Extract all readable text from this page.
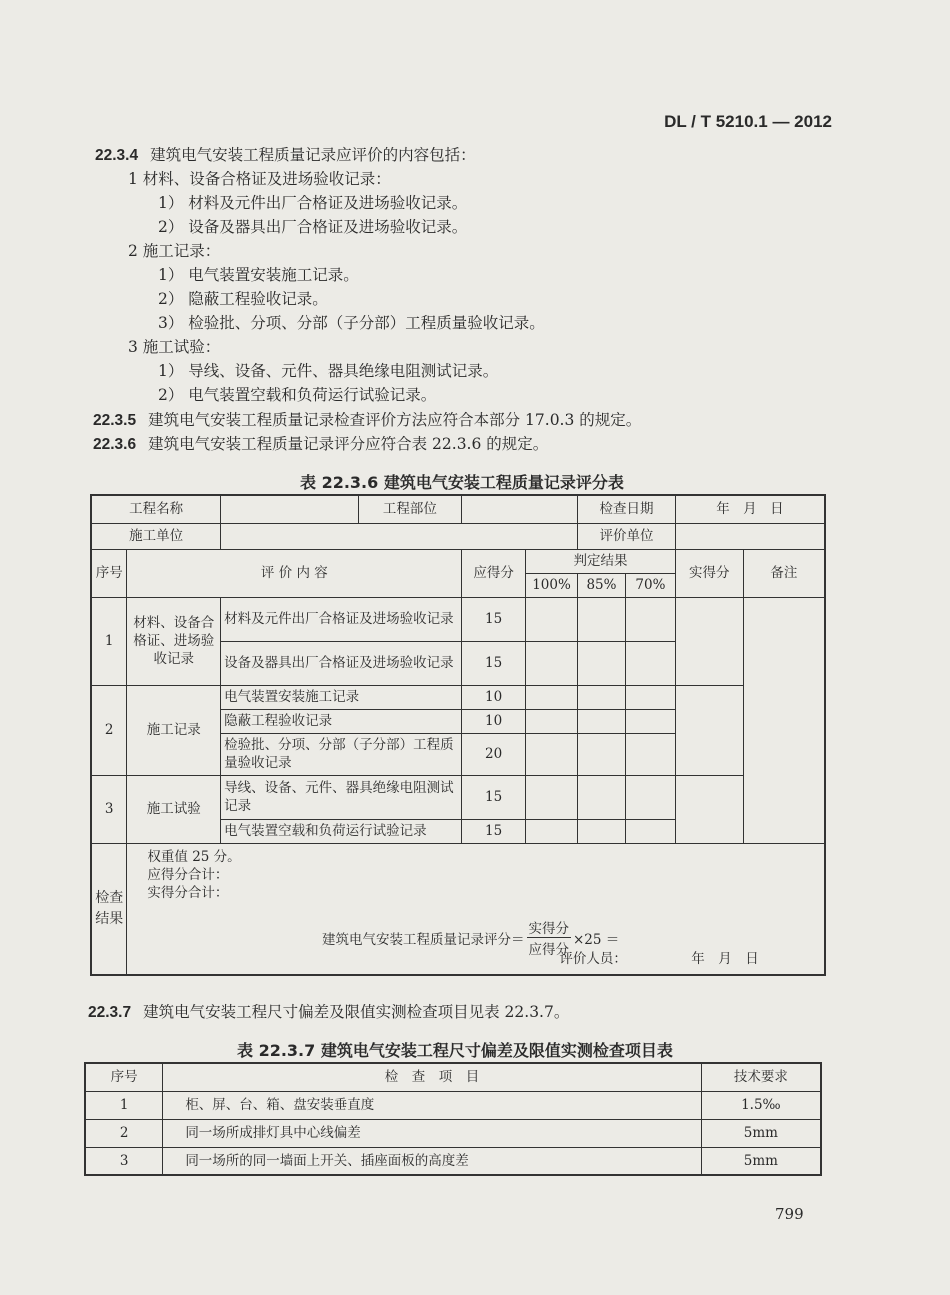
DL / T 5210.1 — 2012
22.3.4 建筑电气安装工程质量记录应评价的内容包括：
1 材料、设备合格证及进场验收记录：
1） 材料及元件出厂合格证及进场验收记录。
2） 设备及器具出厂合格证及进场验收记录。
2 施工记录：
1） 电气装置安装施工记录。
2） 隐蔽工程验收记录。
3） 检验批、分项、分部（子分部）工程质量验收记录。
3 施工试验：
1） 导线、设备、元件、器具绝缘电阻测试记录。
2） 电气装置空载和负荷运行试验记录。
22.3.5 建筑电气安装工程质量记录检查评价方法应符合本部分 17.0.3 的规定。
22.3.6 建筑电气安装工程质量记录评分应符合表 22.3.6 的规定。
表 22.3.6 建筑电气安装工程质量记录评分表
工程名称			工程部位			检查日期		年　月　日	
施工单位						评价单位			
序号	评 价 内 容			应得分	判定结果			实得分	备注
					100%	85%	70%		
1	材料、设备合格证、进场验收记录	材料及元件出厂合格证及进场验收记录		15					
		设备及器具出厂合格证及进场验收记录		15					
2	施工记录	电气装置安装施工记录		10					
		隐蔽工程验收记录		10					
		检验批、分项、分部（子分部）工程质量验收记录		20					
3	施工试验	导线、设备、元件、器具绝缘电阻测试记录		15					
		电气装置空载和负荷运行试验记录		15					
检查结果	权重值 25 分。
应得分合计：
实得分合计：
评价人员： 年　月　日								
建筑电气安装工程质量记录评分＝ $\frac{\text{实得分}}{\text{应得分}} \times 25$ ＝
22.3.7 建筑电气安装工程尺寸偏差及限值实测检查项目见表 22.3.7。
表 22.3.7 建筑电气安装工程尺寸偏差及限值实测检查项目表
序号	检　查　项　目	技术要求
1	柜、屏、台、箱、盘安装垂直度	1.5‰
2	同一场所成排灯具中心线偏差	5mm
3	同一场所的同一墙面上开关、插座面板的高度差	5mm
799
